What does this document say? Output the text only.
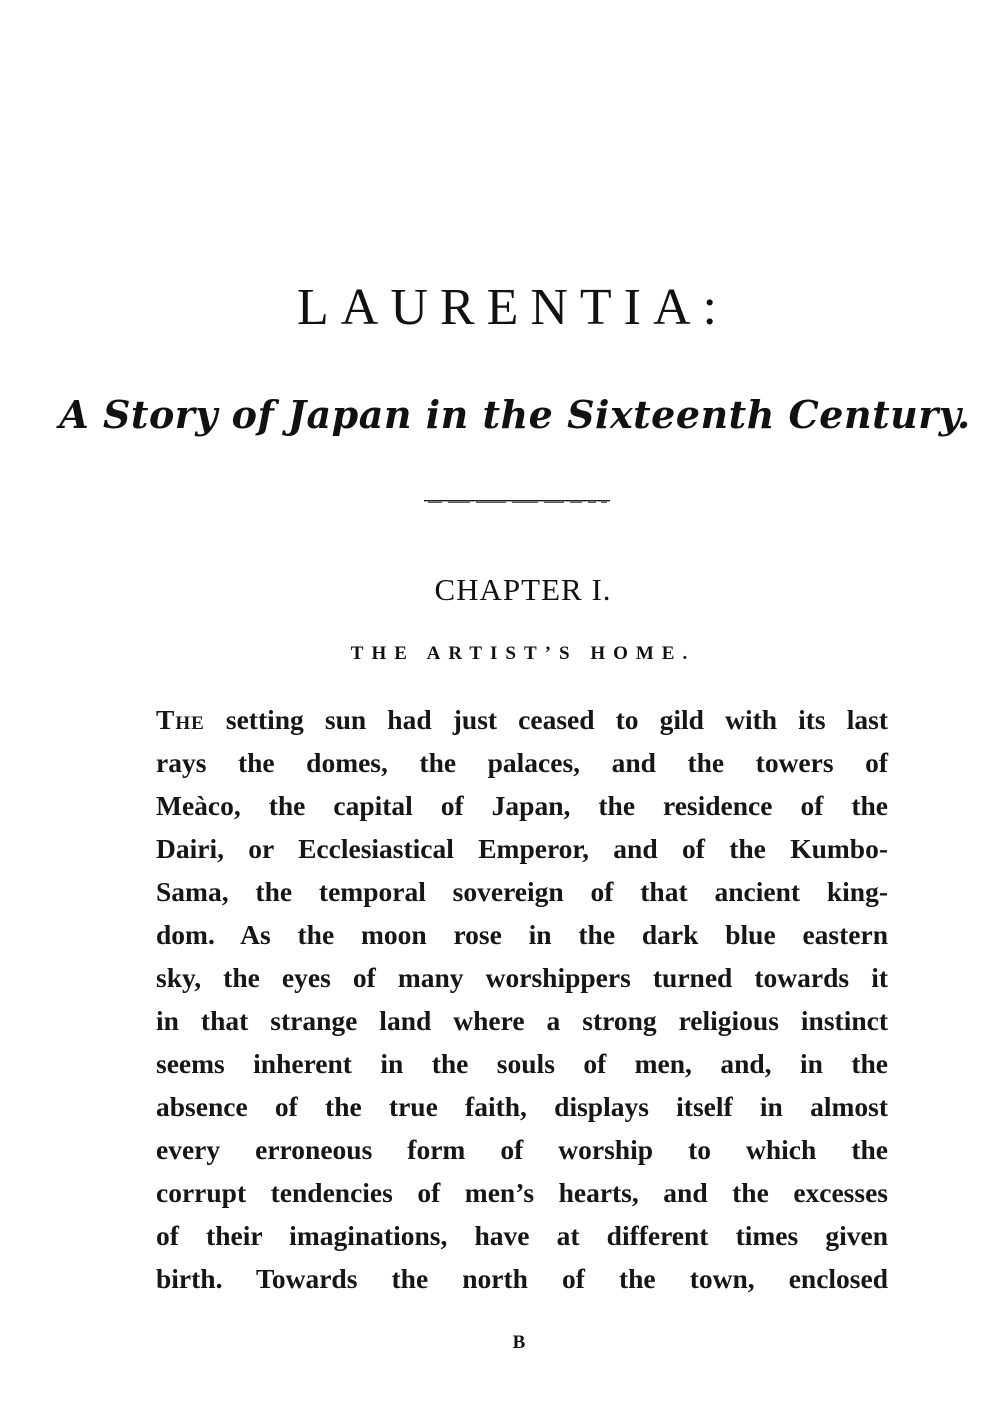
LAURENTIA:
A Story of Japan in the Sixteenth Century.
CHAPTER I.
THE ARTIST’S HOME.
The setting sun had just ceased to gild with its last
rays the domes, the palaces, and the towers of
Meàco, the capital of Japan, the residence of the
Dairi, or Ecclesiastical Emperor, and of the Kumbo-
Sama, the temporal sovereign of that ancient king-
dom. As the moon rose in the dark blue eastern
sky, the eyes of many worshippers turned towards it
in that strange land where a strong religious instinct
seems inherent in the souls of men, and, in the
absence of the true faith, displays itself in almost
every erroneous form of worship to which the
corrupt tendencies of men’s hearts, and the excesses
of their imaginations, have at different times given
birth. Towards the north of the town, enclosed
B
